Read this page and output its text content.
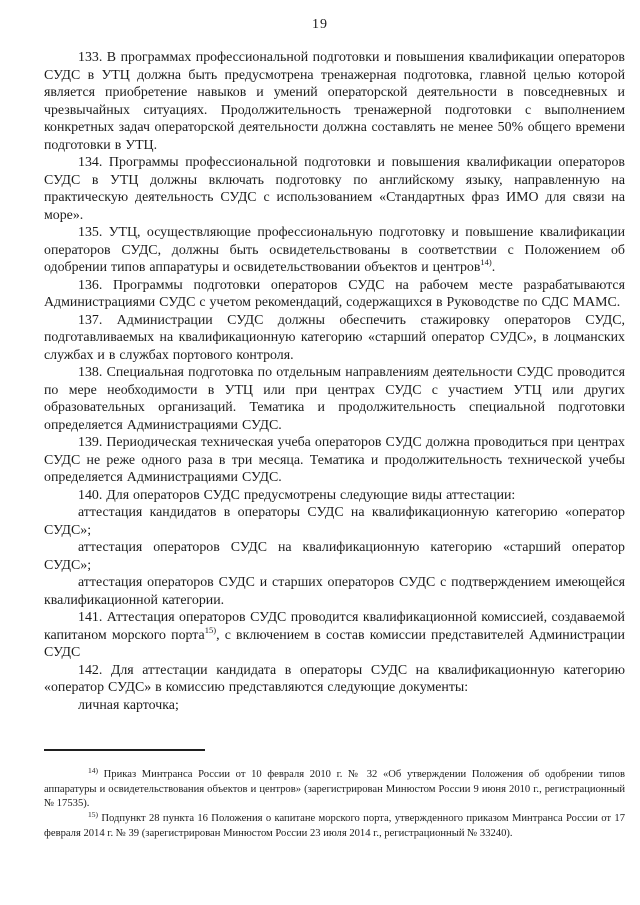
19

133. В программах профессиональной подготовки и повышения квалификации операторов СУДС в УТЦ должна быть предусмотрена тренажерная подготовка, главной целью которой является приобретение навыков и умений операторской деятельности в повседневных и чрезвычайных ситуациях. Продолжительность тренажерной подготовки с выполнением конкретных задач операторской деятельности должна составлять не менее 50% общего времени подготовки в УТЦ.

134. Программы профессиональной подготовки и повышения квалификации операторов СУДС в УТЦ должны включать подготовку по английскому языку, направленную на практическую деятельность СУДС с использованием «Стандартных фраз ИМО для связи на море».

135. УТЦ, осуществляющие профессиональную подготовку и повышение квалификации операторов СУДС, должны быть освидетельствованы в соответствии с Положением об одобрении типов аппаратуры и освидетельствовании объектов и центров$^{14)}$.

136. Программы подготовки операторов СУДС на рабочем месте разрабатываются Администрациями СУДС с учетом рекомендаций, содержащихся в Руководстве по СДС МАМС.

137. Администрации СУДС должны обеспечить стажировку операторов СУДС, подготавливаемых на квалификационную категорию «старший оператор СУДС», в лоцманских службах и в службах портового контроля.

138. Специальная подготовка по отдельным направлениям деятельности СУДС проводится по мере необходимости в УТЦ или при центрах СУДС с участием УТЦ или других образовательных организаций. Тематика и продолжительность специальной подготовки определяется Администрациями СУДС.

139. Периодическая техническая учеба операторов СУДС должна проводиться при центрах СУДС не реже одного раза в три месяца. Тематика и продолжительность технической учебы определяется Администрациями СУДС.

140. Для операторов СУДС предусмотрены следующие виды аттестации:

аттестация кандидатов в операторы СУДС на квалификационную категорию «оператор СУДС»;

аттестация операторов СУДС на квалификационную категорию «старший оператор СУДС»;

аттестация операторов СУДС и старших операторов СУДС с подтверждением имеющейся квалификационной категории.

141. Аттестация операторов СУДС проводится квалификационной комиссией, создаваемой капитаном морского порта$^{15)}$, с включением в состав комиссии представителей Администрации СУДС

142. Для аттестации кандидата в операторы СУДС на квалификационную категорию «оператор СУДС» в комиссию представляются следующие документы:

личная карточка;

$^{14)}$ Приказ Минтранса России от 10 февраля 2010 г. № 32 «Об утверждении Положения об одобрении типов аппаратуры и освидетельствования объектов и центров» (зарегистрирован Минюстом России 9 июня 2010 г., регистрационный № 17535).

$^{15)}$ Подпункт 28 пункта 16 Положения о капитане морского порта, утвержденного приказом Минтранса России от 17 февраля 2014 г. № 39 (зарегистрирован Минюстом России 23 июля 2014 г., регистрационный № 33240).
